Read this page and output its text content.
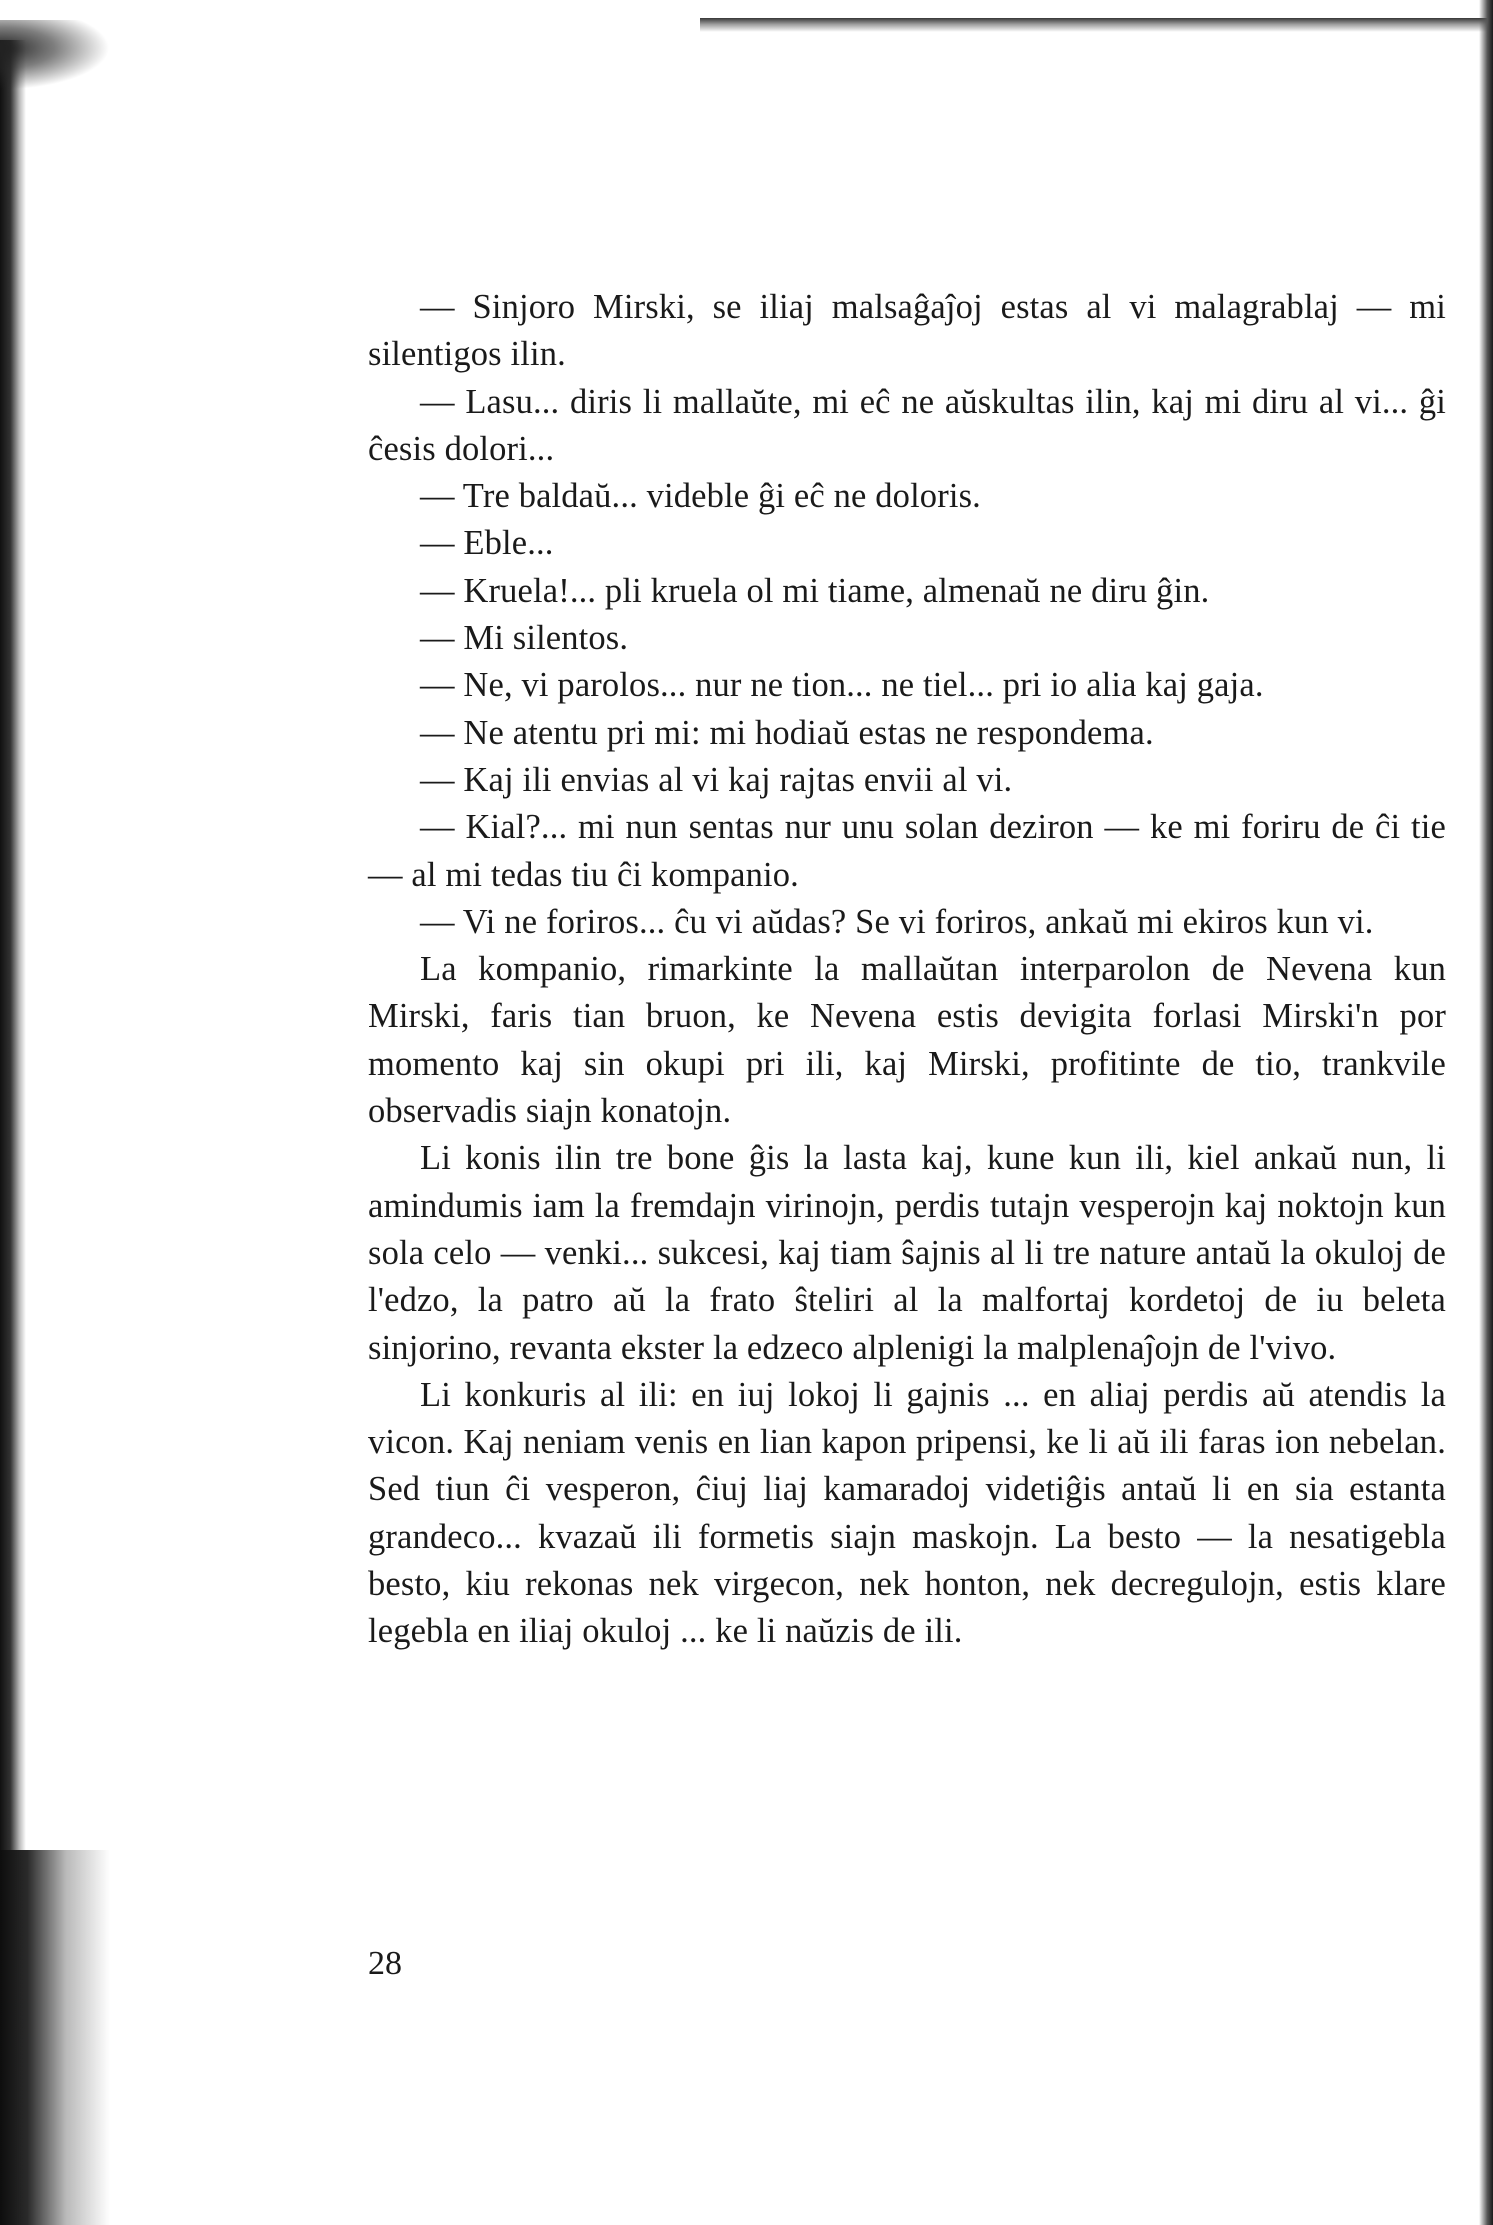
— Sinjoro Mirski, se iliaj malsaĝaĵoj estas al vi malagrablaj — mi silentigos ilin.

— Lasu... diris li mallaŭte, mi eĉ ne aŭskultas ilin, kaj mi diru al vi... ĝi ĉesis dolori...

— Tre baldaŭ... videble ĝi eĉ ne doloris.

— Eble...

— Kruela!... pli kruela ol mi tiame, almenaŭ ne diru ĝin.

— Mi silentos.

— Ne, vi parolos... nur ne tion... ne tiel... pri io alia kaj gaja.

— Ne atentu pri mi: mi hodiaŭ estas ne respondema.

— Kaj ili envias al vi kaj rajtas envii al vi.

— Kial?... mi nun sentas nur unu solan deziron — ke mi foriru de ĉi tie — al mi tedas tiu ĉi kompanio.

— Vi ne foriros... ĉu vi aŭdas? Se vi foriros, ankaŭ mi ekiros kun vi.

La kompanio, rimarkinte la mallaŭtan interparolon de Nevena kun Mirski, faris tian bruon, ke Nevena estis devigita forlasi Mirski'n por momento kaj sin okupi pri ili, kaj Mirski, profitinte de tio, trankvile observadis siajn konatojn.

Li konis ilin tre bone ĝis la lasta kaj, kune kun ili, kiel ankaŭ nun, li amindumis iam la fremdajn virinojn, perdis tutajn vesperojn kaj noktojn kun sola celo — venki... sukcesi, kaj tiam ŝajnis al li tre nature antaŭ la okuloj de l'edzo, la patro aŭ la frato ŝteliri al la malfortaj kordetoj de iu beleta sinjorino, revanta ekster la edzeco alplenigi la malplenaĵojn de l'vivo.

Li konkuris al ili: en iuj lokoj li gajnis ... en aliaj perdis aŭ atendis la vicon. Kaj neniam venis en lian kapon pripensi, ke li aŭ ili faras ion nebelan. Sed tiun ĉi vesperon, ĉiuj liaj kamaradoj videtiĝis antaŭ li en sia estanta grandeco... kvazaŭ ili formetis siajn maskojn. La besto — la nesatigebla besto, kiu rekonas nek virgecon, nek honton, nek decregulojn, estis klare legebla en iliaj okuloj ... ke li naŭzis de ili.

28
